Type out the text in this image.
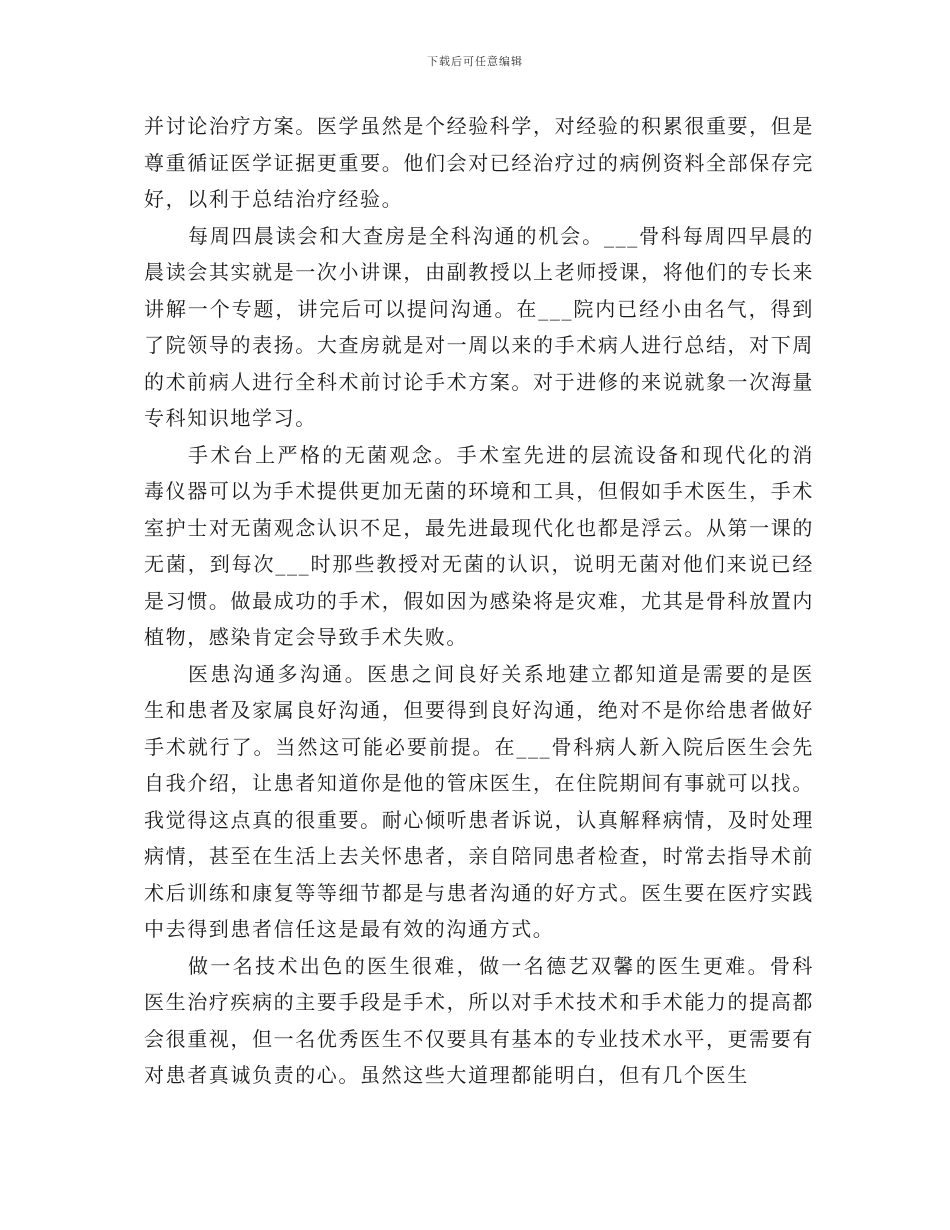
下载后可任意编辑

并讨论治疗方案。医学虽然是个经验科学，对经验的积累很重要，但是尊重循证医学证据更重要。他们会对已经治疗过的病例资料全部保存完好，以利于总结治疗经验。

每周四晨读会和大查房是全科沟通的机会。___骨科每周四早晨的晨读会其实就是一次小讲课，由副教授以上老师授课，将他们的专长来讲解一个专题，讲完后可以提问沟通。在___院内已经小由名气，得到了院领导的表扬。大查房就是对一周以来的手术病人进行总结，对下周的术前病人进行全科术前讨论手术方案。对于进修的来说就象一次海量专科知识地学习。

手术台上严格的无菌观念。手术室先进的层流设备和现代化的消毒仪器可以为手术提供更加无菌的环境和工具，但假如手术医生，手术室护士对无菌观念认识不足，最先进最现代化也都是浮云。从第一课的无菌，到每次___时那些教授对无菌的认识，说明无菌对他们来说已经是习惯。做最成功的手术，假如因为感染将是灾难，尤其是骨科放置内植物，感染肯定会导致手术失败。

医患沟通多沟通。医患之间良好关系地建立都知道是需要的是医生和患者及家属良好沟通，但要得到良好沟通，绝对不是你给患者做好手术就行了。当然这可能必要前提。在___骨科病人新入院后医生会先自我介绍，让患者知道你是他的管床医生，在住院期间有事就可以找。我觉得这点真的很重要。耐心倾听患者诉说，认真解释病情，及时处理病情，甚至在生活上去关怀患者，亲自陪同患者检查，时常去指导术前术后训练和康复等等细节都是与患者沟通的好方式。医生要在医疗实践中去得到患者信任这是最有效的沟通方式。

做一名技术出色的医生很难，做一名德艺双馨的医生更难。骨科医生治疗疾病的主要手段是手术，所以对手术技术和手术能力的提高都会很重视，但一名优秀医生不仅要具有基本的专业技术水平，更需要有对患者真诚负责的心。虽然这些大道理都能明白，但有几个医生
